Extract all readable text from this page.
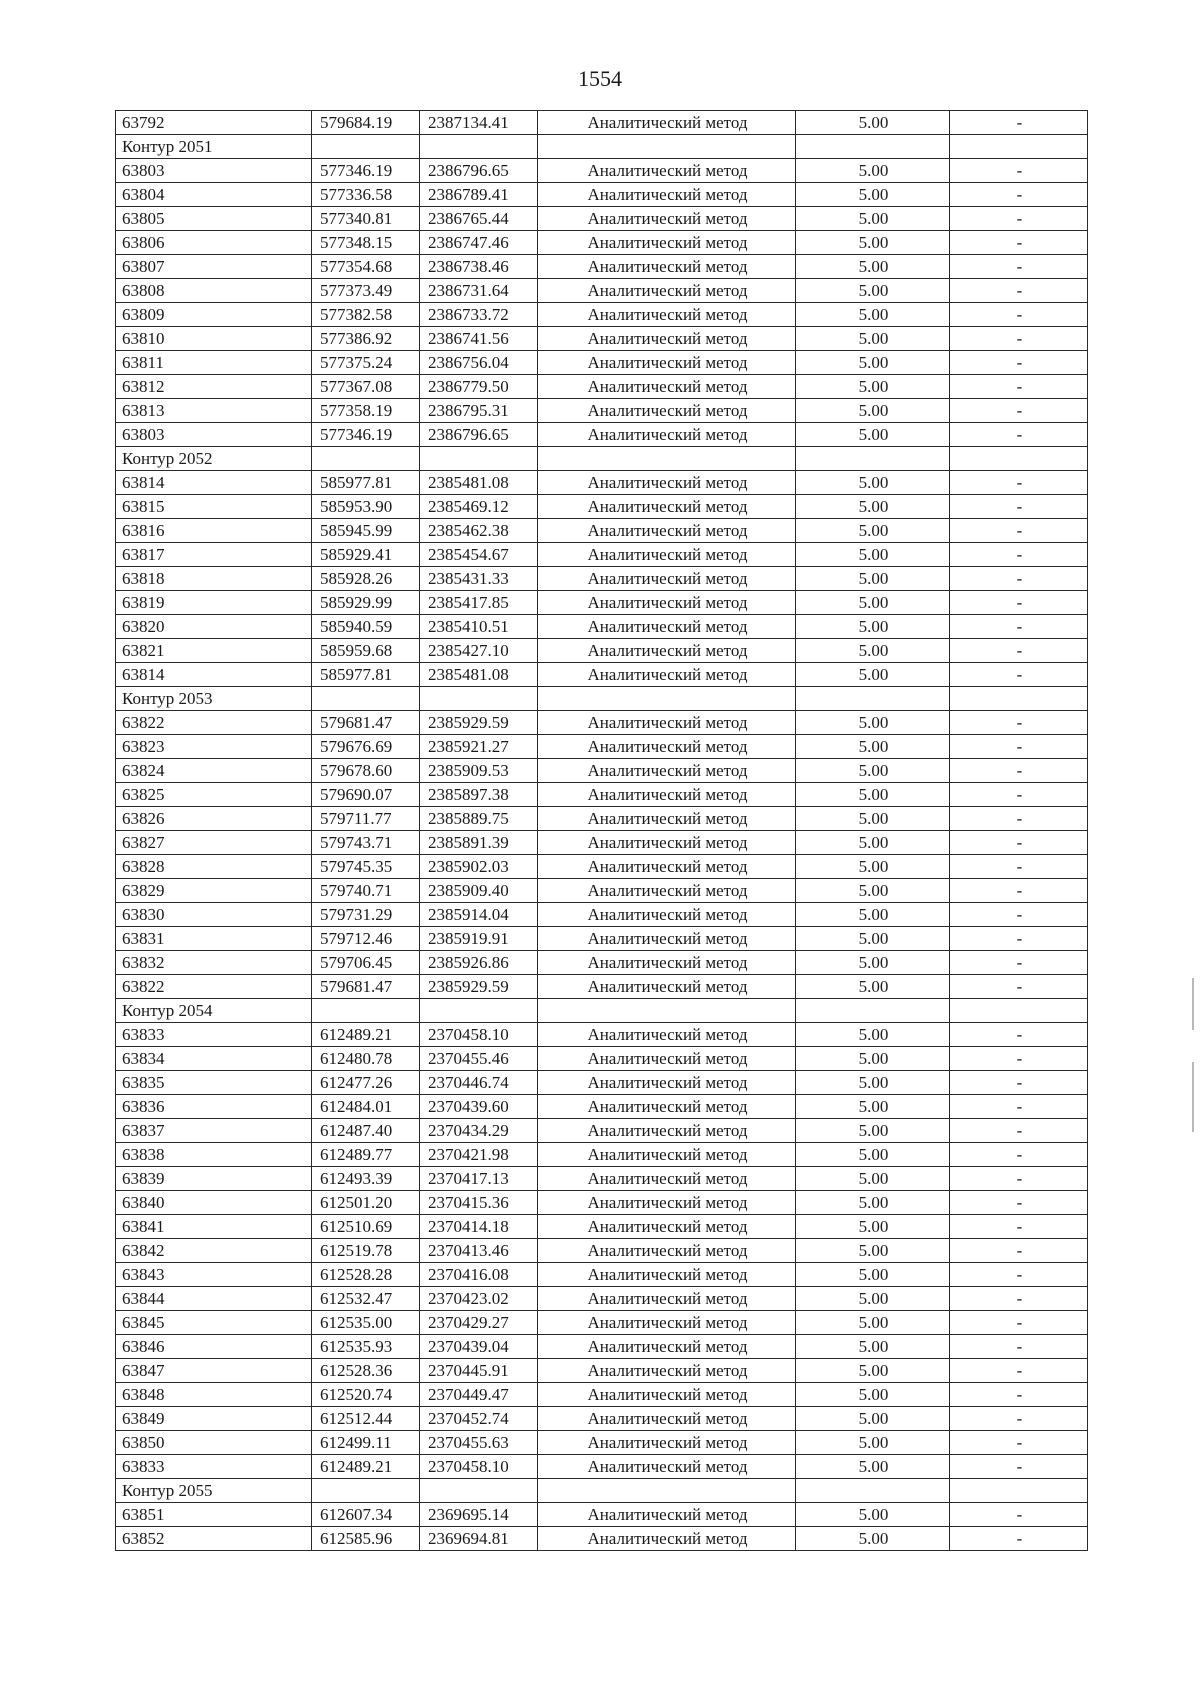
1554
63792	579684.19	2387134.41	Аналитический метод	5.00	-
Контур 2051					
63803	577346.19	2386796.65	Аналитический метод	5.00	-
63804	577336.58	2386789.41	Аналитический метод	5.00	-
63805	577340.81	2386765.44	Аналитический метод	5.00	-
63806	577348.15	2386747.46	Аналитический метод	5.00	-
63807	577354.68	2386738.46	Аналитический метод	5.00	-
63808	577373.49	2386731.64	Аналитический метод	5.00	-
63809	577382.58	2386733.72	Аналитический метод	5.00	-
63810	577386.92	2386741.56	Аналитический метод	5.00	-
63811	577375.24	2386756.04	Аналитический метод	5.00	-
63812	577367.08	2386779.50	Аналитический метод	5.00	-
63813	577358.19	2386795.31	Аналитический метод	5.00	-
63803	577346.19	2386796.65	Аналитический метод	5.00	-
Контур 2052					
63814	585977.81	2385481.08	Аналитический метод	5.00	-
63815	585953.90	2385469.12	Аналитический метод	5.00	-
63816	585945.99	2385462.38	Аналитический метод	5.00	-
63817	585929.41	2385454.67	Аналитический метод	5.00	-
63818	585928.26	2385431.33	Аналитический метод	5.00	-
63819	585929.99	2385417.85	Аналитический метод	5.00	-
63820	585940.59	2385410.51	Аналитический метод	5.00	-
63821	585959.68	2385427.10	Аналитический метод	5.00	-
63814	585977.81	2385481.08	Аналитический метод	5.00	-
Контур 2053					
63822	579681.47	2385929.59	Аналитический метод	5.00	-
63823	579676.69	2385921.27	Аналитический метод	5.00	-
63824	579678.60	2385909.53	Аналитический метод	5.00	-
63825	579690.07	2385897.38	Аналитический метод	5.00	-
63826	579711.77	2385889.75	Аналитический метод	5.00	-
63827	579743.71	2385891.39	Аналитический метод	5.00	-
63828	579745.35	2385902.03	Аналитический метод	5.00	-
63829	579740.71	2385909.40	Аналитический метод	5.00	-
63830	579731.29	2385914.04	Аналитический метод	5.00	-
63831	579712.46	2385919.91	Аналитический метод	5.00	-
63832	579706.45	2385926.86	Аналитический метод	5.00	-
63822	579681.47	2385929.59	Аналитический метод	5.00	-
Контур 2054					
63833	612489.21	2370458.10	Аналитический метод	5.00	-
63834	612480.78	2370455.46	Аналитический метод	5.00	-
63835	612477.26	2370446.74	Аналитический метод	5.00	-
63836	612484.01	2370439.60	Аналитический метод	5.00	-
63837	612487.40	2370434.29	Аналитический метод	5.00	-
63838	612489.77	2370421.98	Аналитический метод	5.00	-
63839	612493.39	2370417.13	Аналитический метод	5.00	-
63840	612501.20	2370415.36	Аналитический метод	5.00	-
63841	612510.69	2370414.18	Аналитический метод	5.00	-
63842	612519.78	2370413.46	Аналитический метод	5.00	-
63843	612528.28	2370416.08	Аналитический метод	5.00	-
63844	612532.47	2370423.02	Аналитический метод	5.00	-
63845	612535.00	2370429.27	Аналитический метод	5.00	-
63846	612535.93	2370439.04	Аналитический метод	5.00	-
63847	612528.36	2370445.91	Аналитический метод	5.00	-
63848	612520.74	2370449.47	Аналитический метод	5.00	-
63849	612512.44	2370452.74	Аналитический метод	5.00	-
63850	612499.11	2370455.63	Аналитический метод	5.00	-
63833	612489.21	2370458.10	Аналитический метод	5.00	-
Контур 2055					
63851	612607.34	2369695.14	Аналитический метод	5.00	-
63852	612585.96	2369694.81	Аналитический метод	5.00	-
